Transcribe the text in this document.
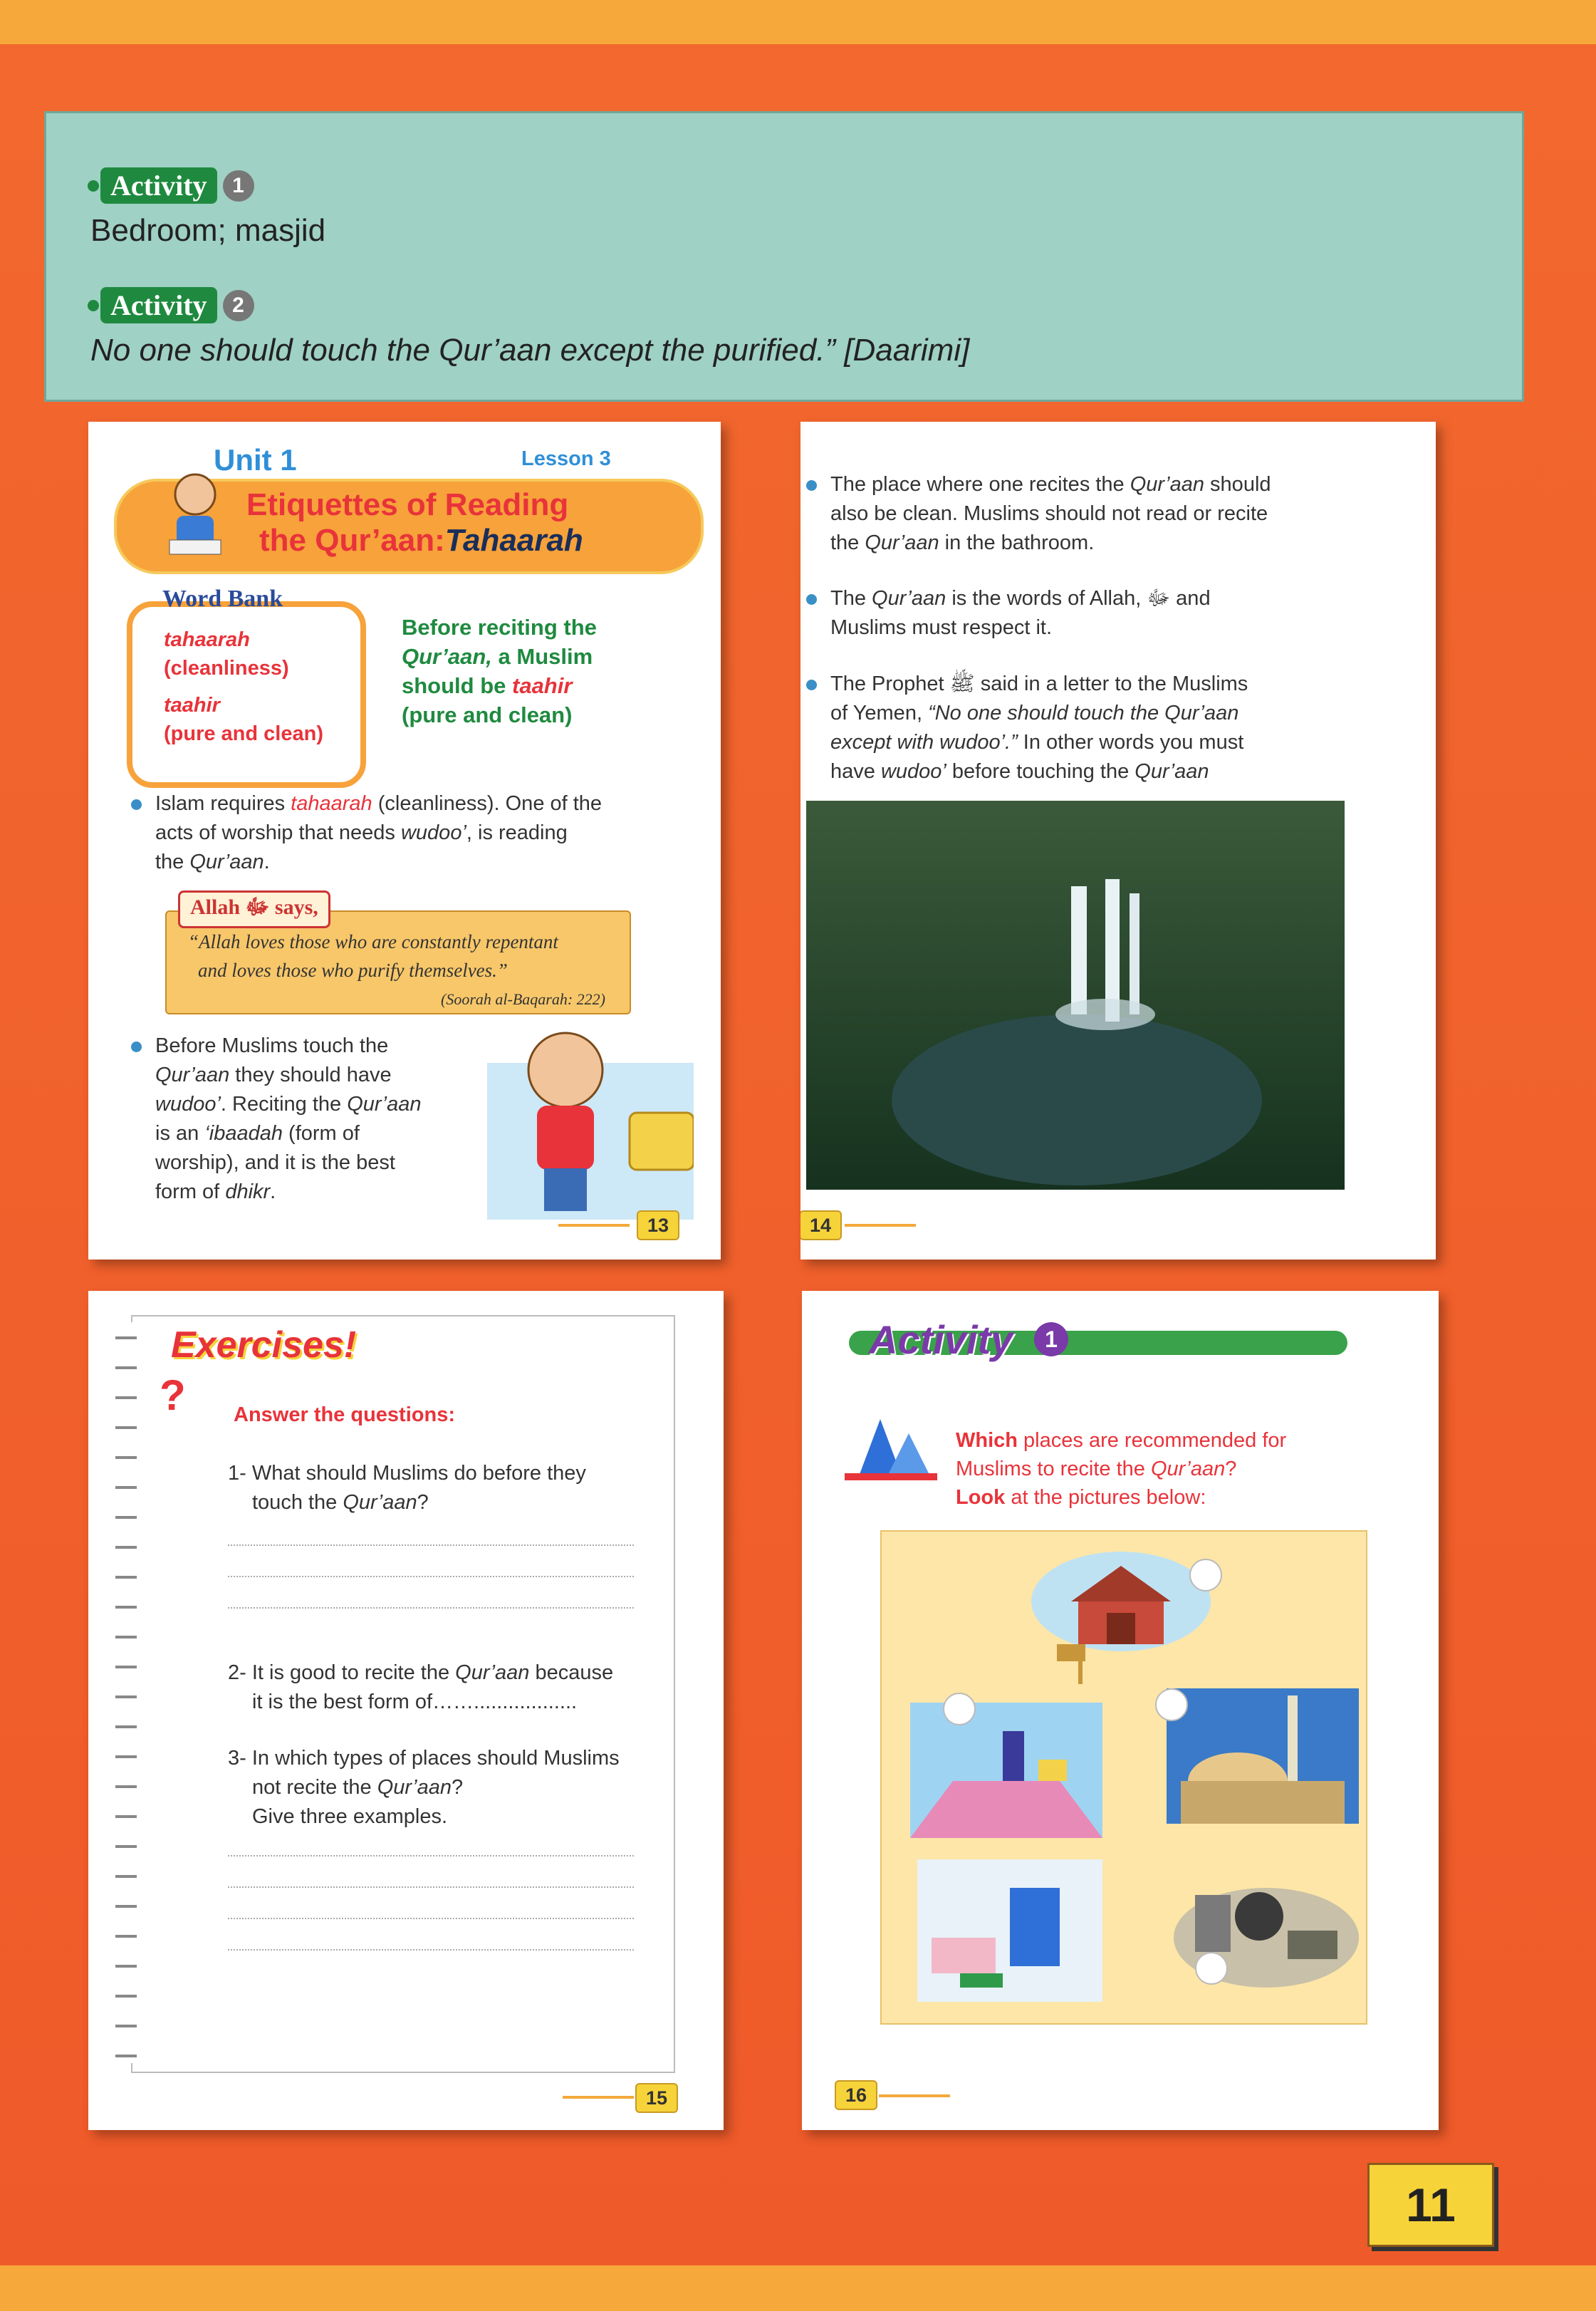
Activity	1
Bedroom; masjid
Activity	2
No one should touch the Qur’aan except the purified.” [Daarimi]
Unit 1	Lesson 3
Etiquettes of Reading
the Qur’aan:Tahaarah
Word Bank
tahaarah
(cleanliness)
taahir
(pure and clean)
Before reciting the
Qur’aan, a Muslim
should be taahir
(pure and clean)
Islam requires tahaarah (cleanliness). One of the
acts of worship that needs wudoo’, is reading
the Qur’aan.
Allah ﷻ says,
“Allah loves those who are constantly repentant
and loves those who purify themselves.”
(Soorah al-Baqarah: 222)
Before Muslims touch the
Qur’aan they should have
wudoo’. Reciting the Qur’aan
is an ‘ibaadah (form of
worship), and it is the best
form of dhikr.
13
The place where one recites the Qur’aan should
also be clean. Muslims should not read or recite
the Qur’aan in the bathroom.
The Qur’aan is the words of Allah, ﷻ and
Muslims must respect it.
The Prophet ﷺ said in a letter to the Muslims
of Yemen, “No one should touch the Qur’aan
except with wudoo’.” In other words you must
have wudoo’ before touching the Qur’aan
14
Exercises!
? Answer the questions:
1- What should Muslims do before they
touch the Qur’aan?
2- It is good to recite the Qur’aan because
it is the best form of……..................
3- In which types of places should Muslims
not recite the Qur’aan?
Give three examples.
15
Activity	1
Which places are recommended for
Muslims to recite the Qur’aan?
Look at the pictures below:
16
11
